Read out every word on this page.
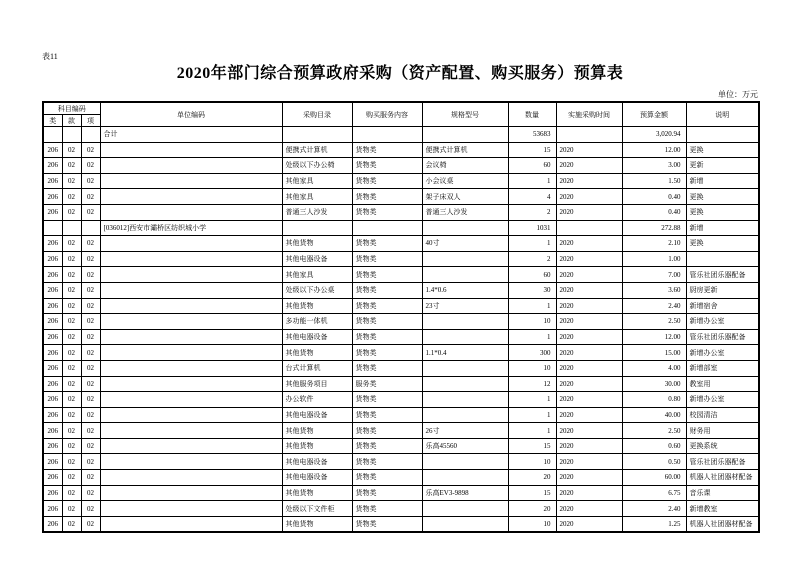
表11
2020年部门综合预算政府采购（资产配置、购买服务）预算表
单位：万元
科目编码			单位编码	采购目录	购买服务内容	规格型号	数量	实施采购时间	预算金额	说明
类	款	项								
			合计				53683		3,020.94	
206	02	02		便携式计算机	货物类	便携式计算机	15	2020	12.00	更换
206	02	02		处级以下办公椅	货物类	会议椅	60	2020	3.00	更新
206	02	02		其他家具	货物类	小会议桌	1	2020	1.50	新增
206	02	02		其他家具	货物类	架子床双人	4	2020	0.40	更换
206	02	02		普通三人沙发	货物类	普通三人沙发	2	2020	0.40	更换
			[036012]西安市灞桥区纺织城小学				1031		272.88	新增
206	02	02		其他货物	货物类	40寸	1	2020	2.10	更换
206	02	02		其他电器设备	货物类		2	2020	1.00	
206	02	02		其他家具	货物类		60	2020	7.00	管乐社团乐器配备
206	02	02		处级以下办公桌	货物类	1.4*0.6	30	2020	3.60	厨房更新
206	02	02		其他货物	货物类	23寸	1	2020	2.40	新增宿舍
206	02	02		多功能一体机	货物类		10	2020	2.50	新增办公室
206	02	02		其他电器设备	货物类		1	2020	12.00	管乐社团乐器配备
206	02	02		其他货物	货物类	1.1*0.4	300	2020	15.00	新增办公室
206	02	02		台式计算机	货物类		10	2020	4.00	新增部室
206	02	02		其他服务项目	服务类		12	2020	30.00	教室用
206	02	02		办公软件	货物类		1	2020	0.80	新增办公室
206	02	02		其他电器设备	货物类		1	2020	40.00	校园清洁
206	02	02		其他货物	货物类	26寸	1	2020	2.50	财务用
206	02	02		其他货物	货物类	乐高45560	15	2020	0.60	更换系统
206	02	02		其他电器设备	货物类		10	2020	0.50	管乐社团乐器配备
206	02	02		其他电器设备	货物类		20	2020	60.00	机器人社团器材配备
206	02	02		其他货物	货物类	乐高EV3-9898	15	2020	6.75	音乐课
206	02	02		处级以下文件柜	货物类		20	2020	2.40	新增教室
206	02	02		其他货物	货物类		10	2020	1.25	机器人社团器材配备
